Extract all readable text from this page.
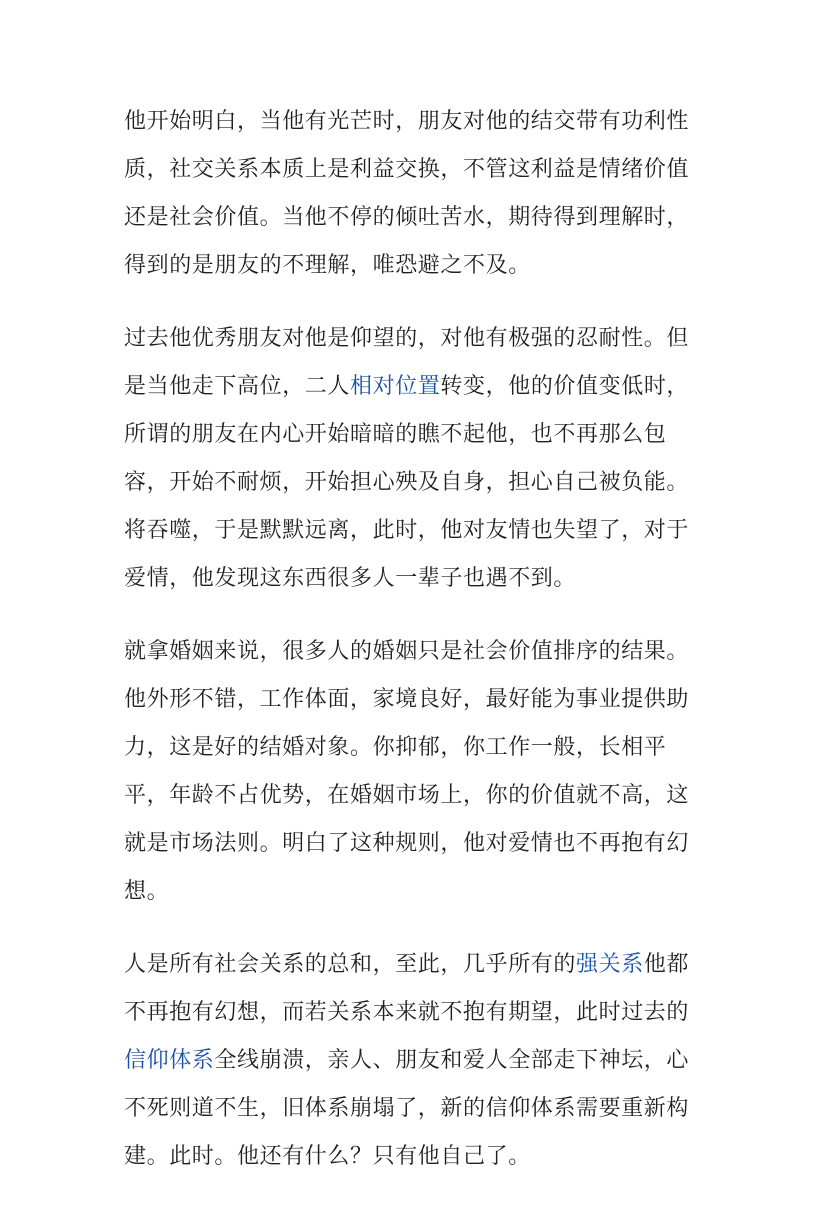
他开始明白，当他有光芒时，朋友对他的结交带有功利性质，社交关系本质上是利益交换，不管这利益是情绪价值还是社会价值。当他不停的倾吐苦水，期待得到理解时，得到的是朋友的不理解，唯恐避之不及。

过去他优秀朋友对他是仰望的，对他有极强的忍耐性。但是当他走下高位，二人相对位置转变，他的价值变低时，所谓的朋友在内心开始暗暗的瞧不起他，也不再那么包容，开始不耐烦，开始担心殃及自身，担心自己被负能。将吞噬，于是默默远离，此时，他对友情也失望了，对于爱情，他发现这东西很多人一辈子也遇不到。

就拿婚姻来说，很多人的婚姻只是社会价值排序的结果。他外形不错，工作体面，家境良好，最好能为事业提供助力，这是好的结婚对象。你抑郁，你工作一般，长相平平，年龄不占优势，在婚姻市场上，你的价值就不高，这就是市场法则。明白了这种规则，他对爱情也不再抱有幻想。

人是所有社会关系的总和，至此，几乎所有的强关系他都不再抱有幻想，而若关系本来就不抱有期望，此时过去的信仰体系全线崩溃，亲人、朋友和爱人全部走下神坛，心不死则道不生，旧体系崩塌了，新的信仰体系需要重新构建。此时。他还有什么？只有他自己了。
